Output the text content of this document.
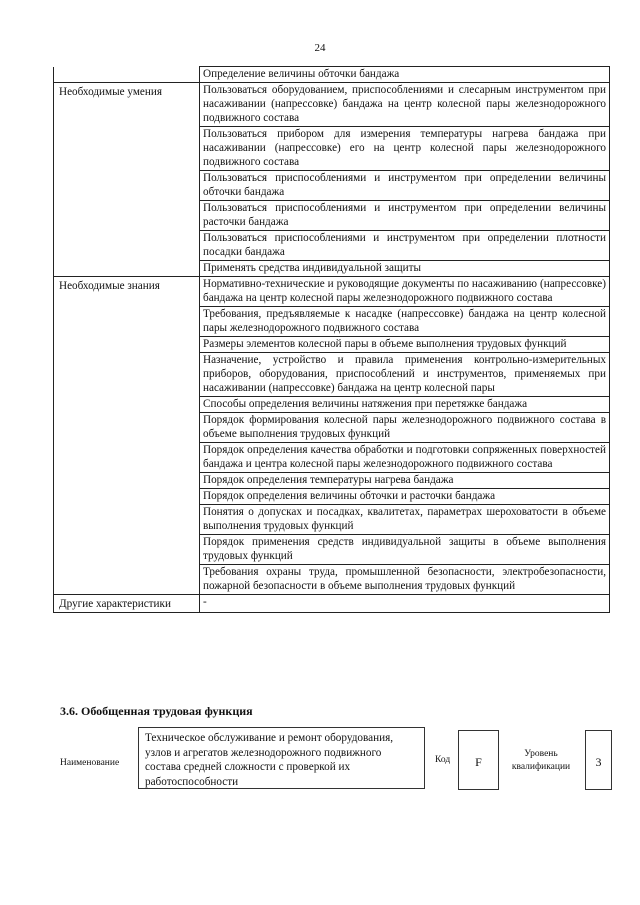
24
	Определение величины обточки бандажа
Необходимые умения	Пользоваться оборудованием, приспособлениями и слесарным инструментом при насаживании (напрессовке) бандажа на центр колесной пары железнодорожного подвижного состава
	Пользоваться прибором для измерения температуры нагрева бандажа при насаживании (напрессовке) его на центр колесной пары железнодорожного подвижного состава
	Пользоваться приспособлениями и инструментом при определении величины обточки бандажа
	Пользоваться приспособлениями и инструментом при определении величины расточки бандажа
	Пользоваться приспособлениями и инструментом при определении плотности посадки бандажа
	Применять средства индивидуальной защиты
Необходимые знания	Нормативно-технические и руководящие документы по насаживанию (напрессовке) бандажа на центр колесной пары железнодорожного подвижного состава
	Требования, предъявляемые к насадке (напрессовке) бандажа на центр колесной пары железнодорожного подвижного состава
	Размеры элементов колесной пары в объеме выполнения трудовых функций
	Назначение, устройство и правила применения контрольно-измерительных приборов, оборудования, приспособлений и инструментов, применяемых при насаживании (напрессовке) бандажа на центр колесной пары
	Способы определения величины натяжения при перетяжке бандажа
	Порядок формирования колесной пары железнодорожного подвижного состава в объеме выполнения трудовых функций
	Порядок определения качества обработки и подготовки сопряженных поверхностей бандажа и центра колесной пары железнодорожного подвижного состава
	Порядок определения температуры нагрева бандажа
	Порядок определения величины обточки и расточки бандажа
	Понятия о допусках и посадках, квалитетах, параметрах шероховатости в объеме выполнения трудовых функций
	Порядок применения средств индивидуальной защиты в объеме выполнения трудовых функций
	Требования охраны труда, промышленной безопасности, электробезопасности, пожарной безопасности в объеме выполнения трудовых функций
Другие характеристики	-
3.6. Обобщенная трудовая функция
Наименование
Техническое обслуживание и ремонт оборудования, узлов и агрегатов железнодорожного подвижного состава средней сложности с проверкой их работоспособности
Код	F
Уровень квалификации	3
